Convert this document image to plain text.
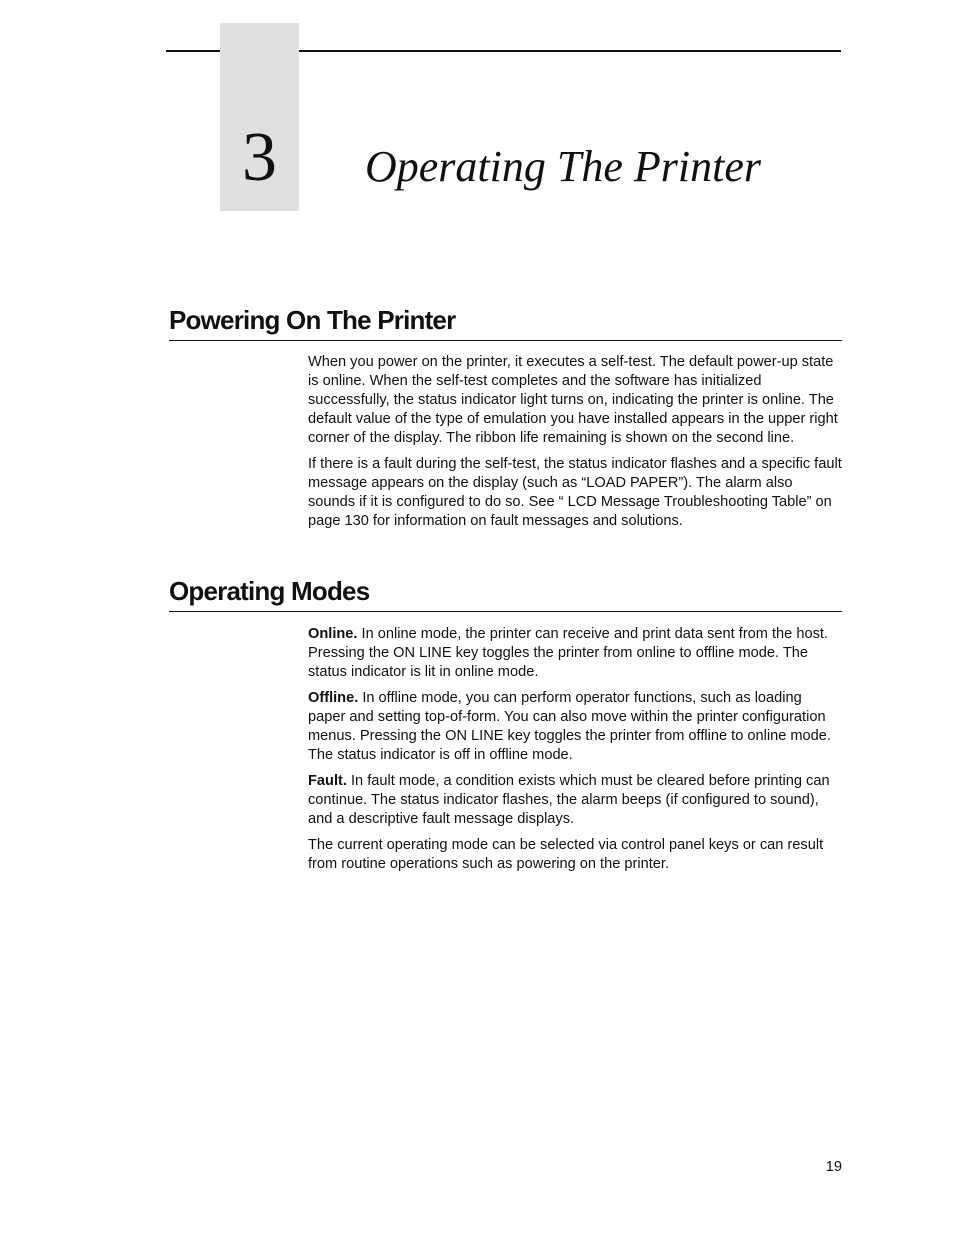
3	Operating The Printer
Powering On The Printer

When you power on the printer, it executes a self-test. The default power-up state is online. When the self-test completes and the software has initialized successfully, the status indicator light turns on, indicating the printer is online. The default value of the type of emulation you have installed appears in the upper right corner of the display. The ribbon life remaining is shown on the second line.

If there is a fault during the self-test, the status indicator flashes and a specific fault message appears on the display (such as “LOAD PAPER”). The alarm also sounds if it is configured to do so. See “ LCD Message Troubleshooting Table” on page 130 for information on fault messages and solutions.

Operating Modes

Online. In online mode, the printer can receive and print data sent from the host. Pressing the ON LINE key toggles the printer from online to offline mode. The status indicator is lit in online mode.

Offline. In offline mode, you can perform operator functions, such as loading paper and setting top-of-form. You can also move within the printer configuration menus. Pressing the ON LINE key toggles the printer from offline to online mode. The status indicator is off in offline mode.

Fault. In fault mode, a condition exists which must be cleared before printing can continue. The status indicator flashes, the alarm beeps (if configured to sound), and a descriptive fault message displays.

The current operating mode can be selected via control panel keys or can result from routine operations such as powering on the printer.

19
